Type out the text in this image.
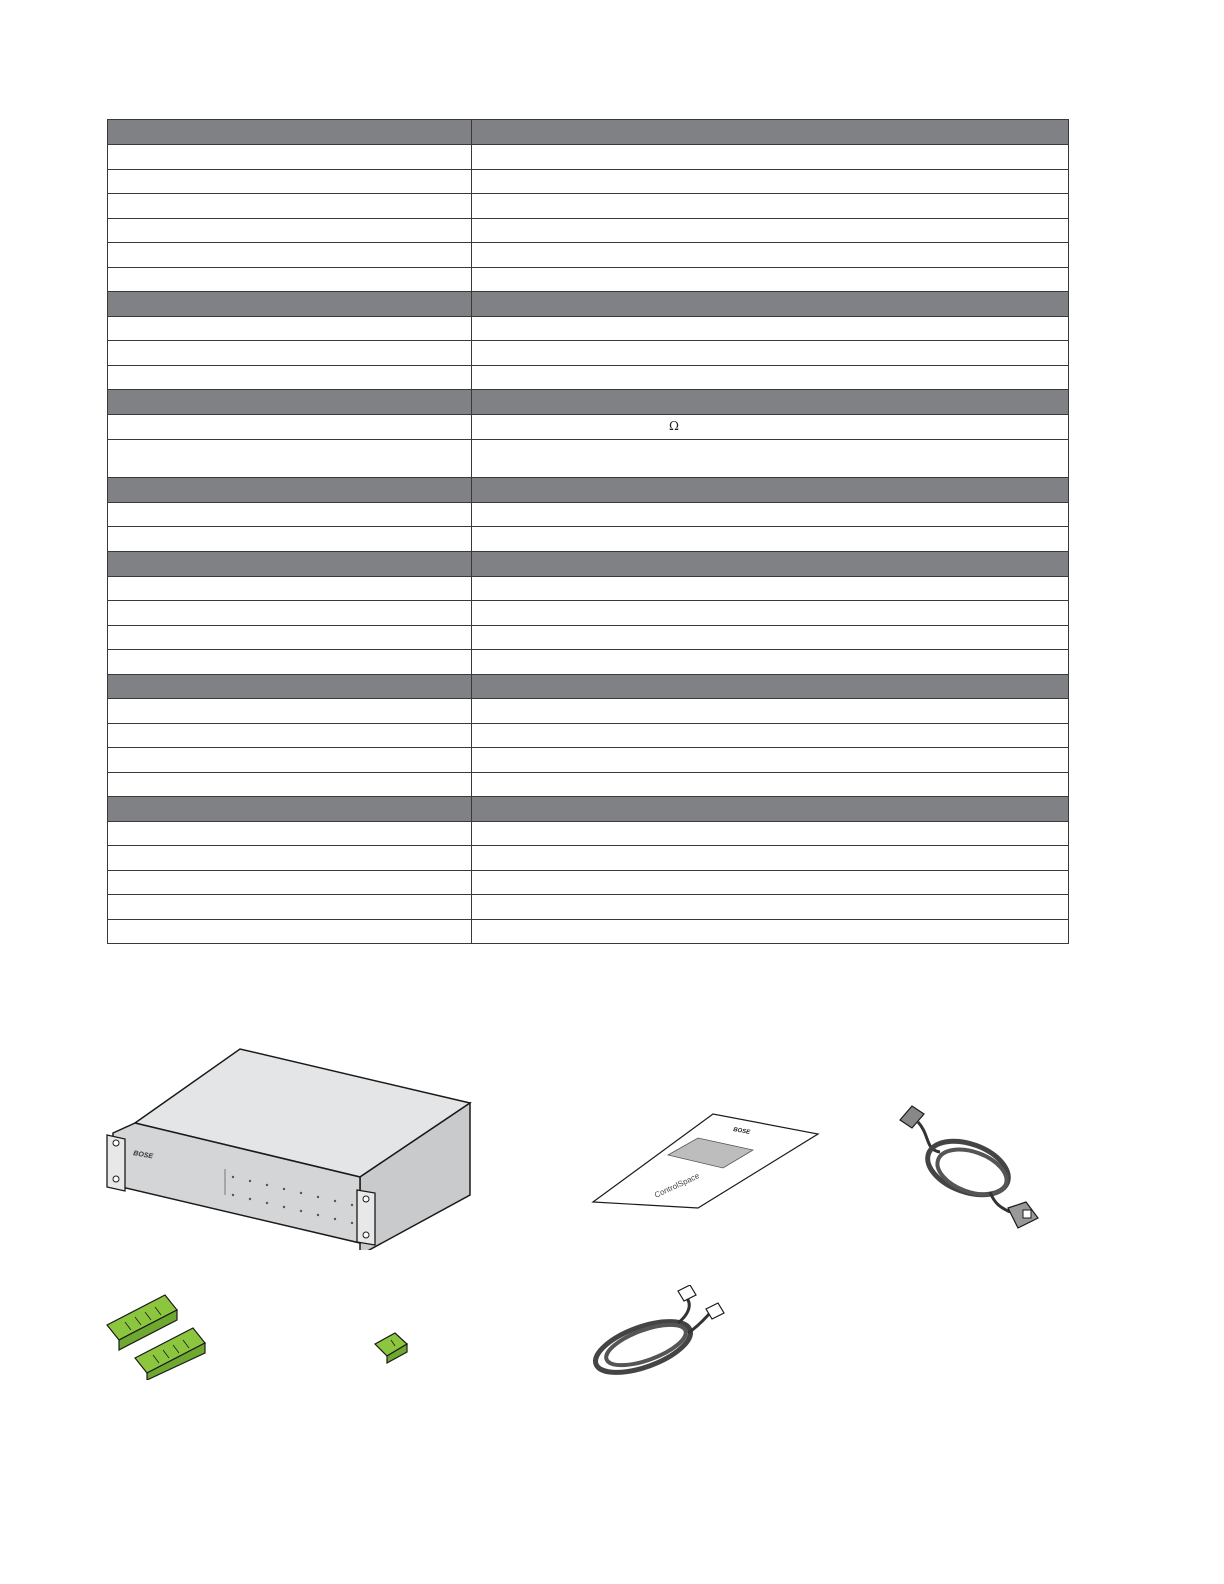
Ω
BOSE
BOSE
ControlSpace
